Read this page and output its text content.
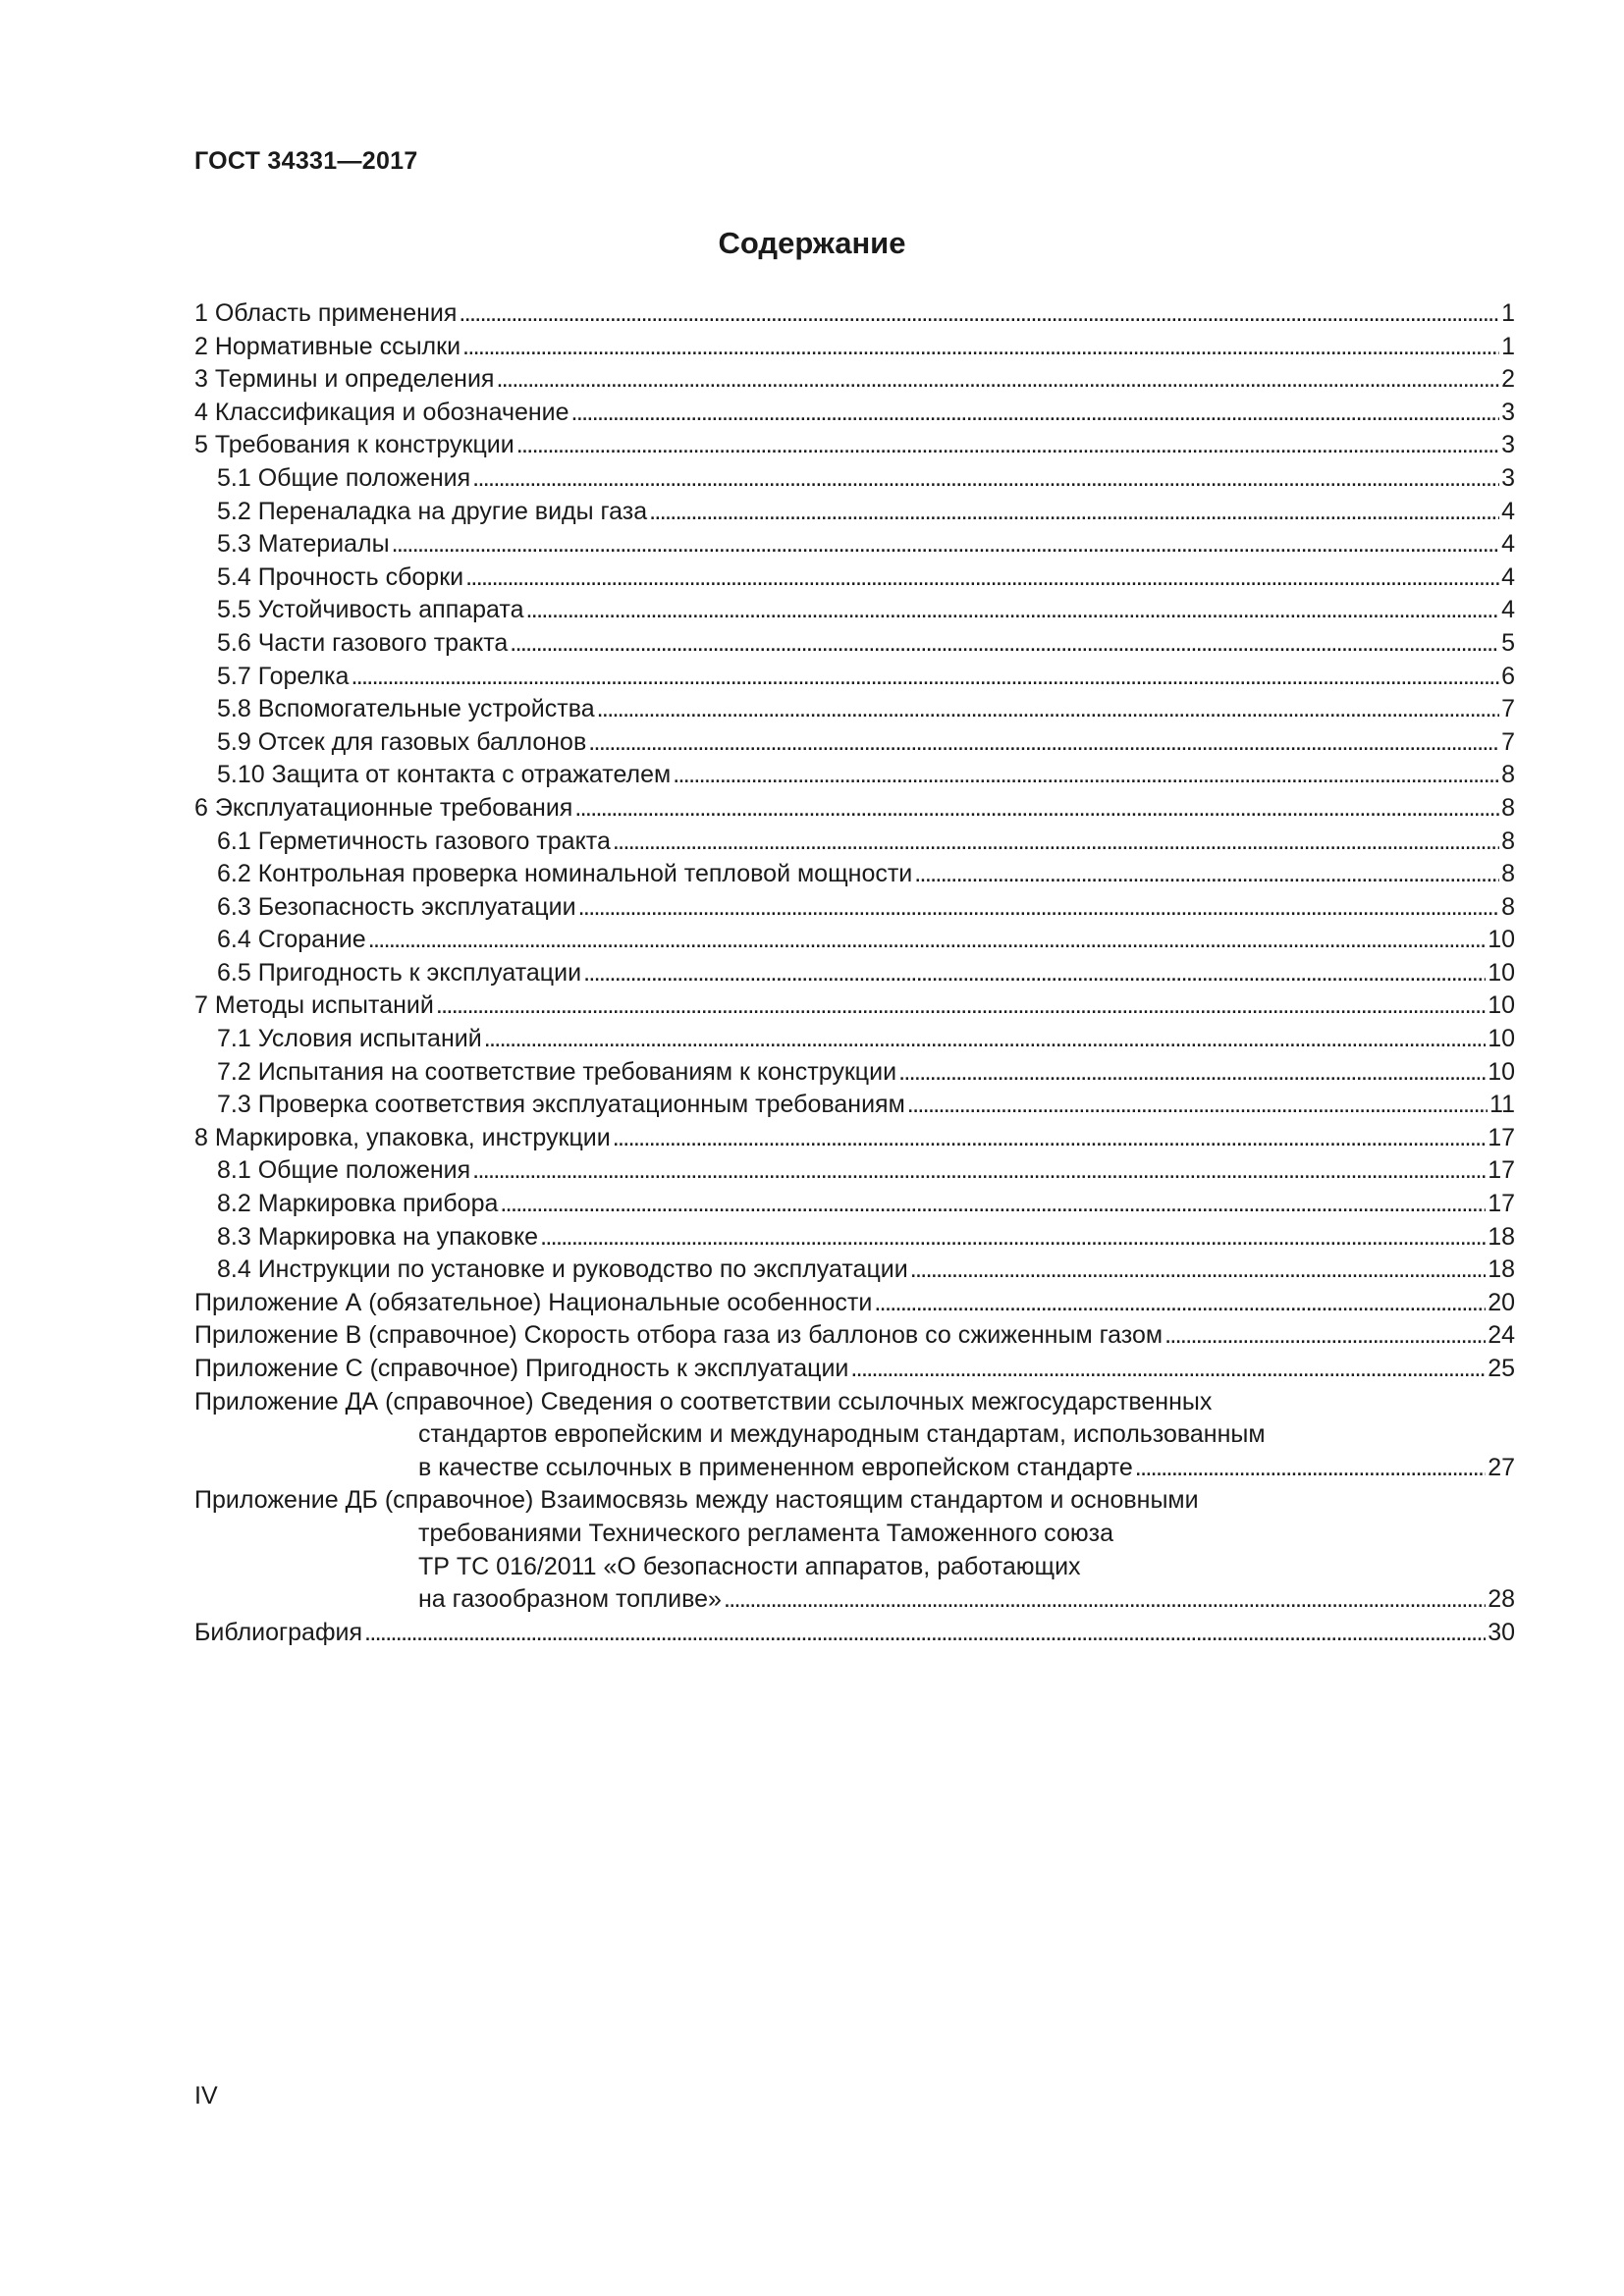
ГОСТ 34331—2017
Содержание
1 Область применения . . .	1
2 Нормативные ссылки . . .	1
3 Термины и определения . . .	2
4 Классификация и обозначение . . .	3
5 Требования к конструкции . . .	3
5.1 Общие положения . . .	3
5.2 Переналадка на другие виды газа . . .	4
5.3 Материалы . . .	4
5.4 Прочность сборки . . .	4
5.5 Устойчивость аппарата . . .	4
5.6 Части газового тракта . . .	5
5.7 Горелка . . .	6
5.8 Вспомогательные устройства . . .	7
5.9 Отсек для газовых баллонов . . .	7
5.10 Защита от контакта с отражателем . . .	8
6 Эксплуатационные требования . . .	8
6.1 Герметичность газового тракта . . .	8
6.2 Контрольная проверка номинальной тепловой мощности . . .	8
6.3 Безопасность эксплуатации . . .	8
6.4 Сгорание . . .	10
6.5 Пригодность к эксплуатации . . .	10
7 Методы испытаний . . .	10
7.1 Условия испытаний . . .	10
7.2 Испытания на соответствие требованиям к конструкции . . .	10
7.3 Проверка соответствия эксплуатационным требованиям . . .	11
8 Маркировка, упаковка, инструкции . . .	17
8.1 Общие положения . . .	17
8.2 Маркировка прибора . . .	17
8.3 Маркировка на упаковке . . .	18
8.4 Инструкции по установке и руководство по эксплуатации . . .	18
Приложение А (обязательное) Национальные особенности . . .	20
Приложение В (справочное) Скорость отбора газа из баллонов со сжиженным газом . . .	24
Приложение С (справочное) Пригодность к эксплуатации . . .	25
Приложение ДА (справочное) Сведения о соответствии ссылочных межгосударственных
стандартов европейским и международным стандартам, использованным
в качестве ссылочных в примененном европейском стандарте . . .	27
Приложение ДБ (справочное) Взаимосвязь между настоящим стандартом и основными
требованиями Технического регламента Таможенного союза
ТР ТС 016/2011 «О безопасности аппаратов, работающих
на газообразном топливе» . . .	28
Библиография . . .	30
IV
